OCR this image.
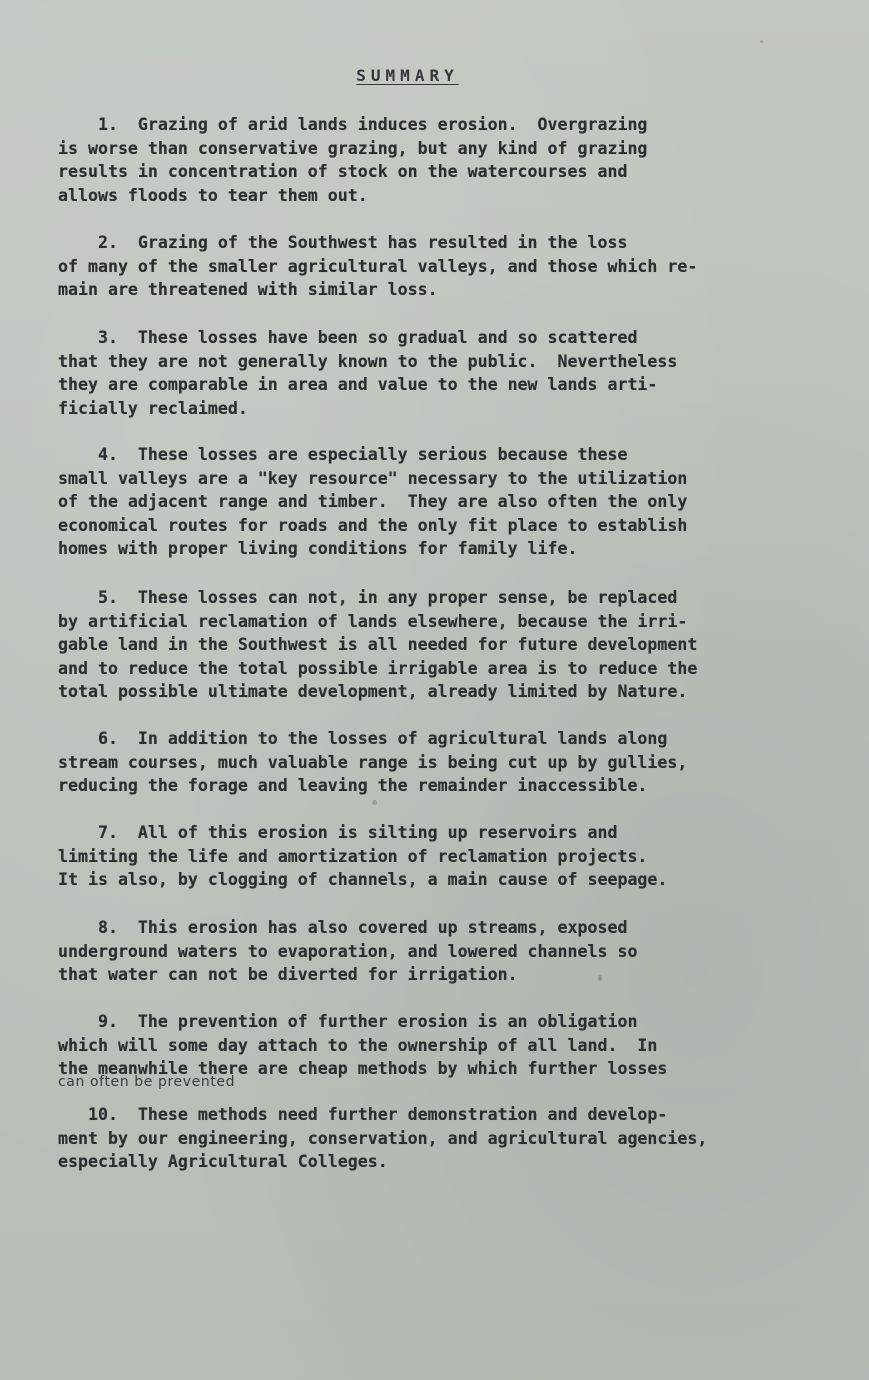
SUMMARY

1.  Grazing of arid lands induces erosion.  Overgrazing
is worse than conservative grazing, but any kind of grazing
results in concentration of stock on the watercourses and
allows floods to tear them out.

2.  Grazing of the Southwest has resulted in the loss
of many of the smaller agricultural valleys, and those which re-
main are threatened with similar loss.

3.  These losses have been so gradual and so scattered
that they are not generally known to the public.  Nevertheless
they are comparable in area and value to the new lands arti-
ficially reclaimed.

4.  These losses are especially serious because these
small valleys are a "key resource" necessary to the utilization
of the adjacent range and timber.  They are also often the only
economical routes for roads and the only fit place to establish
homes with proper living conditions for family life.

5.  These losses can not, in any proper sense, be replaced
by artificial reclamation of lands elsewhere, because the irri-
gable land in the Southwest is all needed for future development
and to reduce the total possible irrigable area is to reduce the
total possible ultimate development, already limited by Nature.

6.  In addition to the losses of agricultural lands along
stream courses, much valuable range is being cut up by gullies,
reducing the forage and leaving the remainder inaccessible.

7.  All of this erosion is silting up reservoirs and
limiting the life and amortization of reclamation projects.
It is also, by clogging of channels, a main cause of seepage.

8.  This erosion has also covered up streams, exposed
underground waters to evaporation, and lowered channels so
that water can not be diverted for irrigation.

9.  The prevention of further erosion is an obligation
which will some day attach to the ownership of all land.  In
the meanwhile there are cheap methods by which further losses

can often be prevented

10.  These methods need further demonstration and develop-
ment by our engineering, conservation, and agricultural agencies,
especially Agricultural Colleges.
